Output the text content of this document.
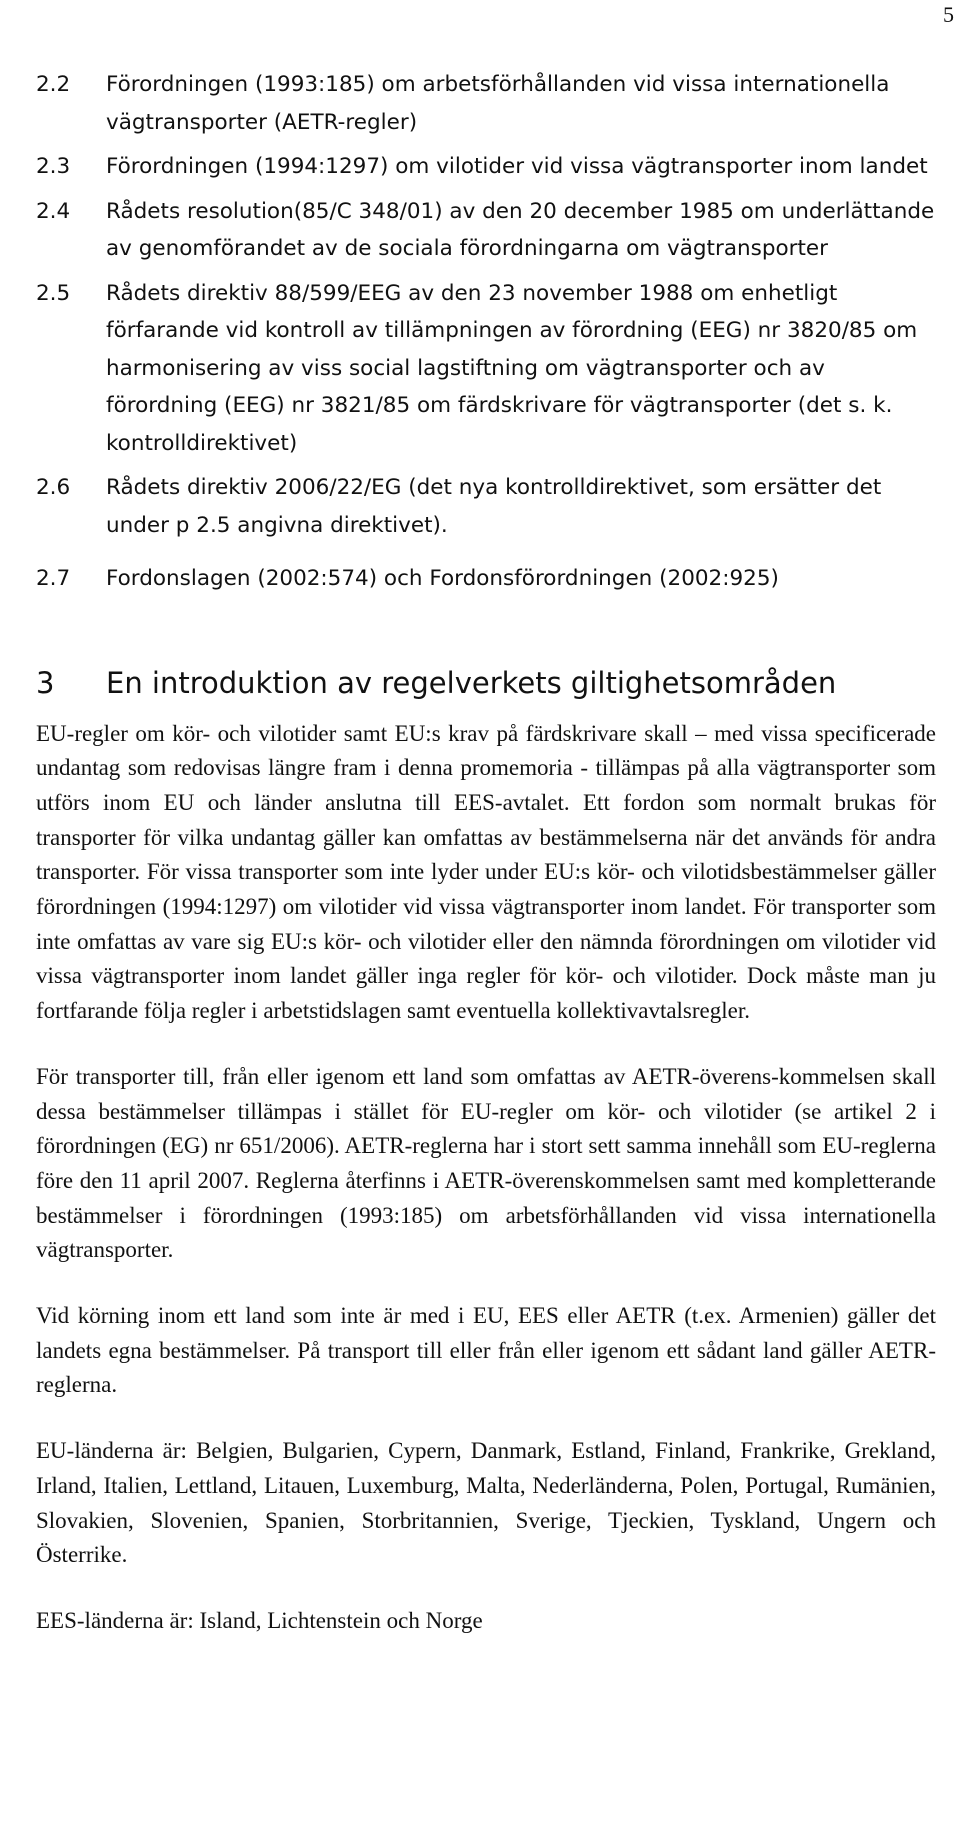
5
2.2	Förordningen (1993:185) om arbetsförhållanden vid vissa internationella vägtransporter (AETR-regler)
2.3	Förordningen (1994:1297) om vilotider vid vissa vägtransporter inom landet
2.4	Rådets resolution(85/C 348/01) av den 20 december 1985 om underlättande av genomförandet av de sociala förordningarna om vägtransporter
2.5	Rådets direktiv 88/599/EEG av den 23 november 1988 om enhetligt förfarande vid kontroll av tillämpningen av förordning (EEG) nr 3820/85 om harmonisering av viss social lagstiftning om vägtransporter och av förordning (EEG) nr 3821/85 om färdskrivare för vägtransporter (det s. k. kontrolldirektivet)
2.6	Rådets direktiv 2006/22/EG (det nya kontrolldirektivet, som ersätter det under p 2.5 angivna direktivet).
2.7	Fordonslagen (2002:574) och Fordonsförordningen (2002:925)
3	En introduktion av regelverkets giltighetsområden

EU-regler om kör- och vilotider samt EU:s krav på färdskrivare skall – med vissa specificerade undantag som redovisas längre fram i denna promemoria - tillämpas på alla vägtransporter som utförs inom EU och länder anslutna till EES-avtalet. Ett fordon som normalt brukas för transporter för vilka undantag gäller kan omfattas av bestämmelserna när det används för andra transporter. För vissa transporter som inte lyder under EU:s kör- och vilotidsbestämmelser gäller förordningen (1994:1297) om vilotider vid vissa vägtransporter inom landet. För transporter som inte omfattas av vare sig EU:s kör- och vilotider eller den nämnda förordningen om vilotider vid vissa vägtransporter inom landet gäller inga regler för kör- och vilotider. Dock måste man ju fortfarande följa regler i arbetstidslagen samt eventuella kollektivavtalsregler.

För transporter till, från eller igenom ett land som omfattas av AETR-överens-kommelsen skall dessa bestämmelser tillämpas i stället för EU-regler om kör- och vilotider (se artikel 2 i förordningen (EG) nr 651/2006). AETR-reglerna har i stort sett samma innehåll som EU-reglerna före den 11 april 2007. Reglerna återfinns i AETR-överenskommelsen samt med kompletterande bestämmelser i förordningen (1993:185) om arbetsförhållanden vid vissa internationella vägtransporter.

Vid körning inom ett land som inte är med i EU, EES eller AETR (t.ex. Armenien) gäller det landets egna bestämmelser. På transport till eller från eller igenom ett sådant land gäller AETR-reglerna.

EU-länderna är: Belgien, Bulgarien, Cypern, Danmark, Estland, Finland, Frankrike, Grekland, Irland, Italien, Lettland, Litauen, Luxemburg, Malta, Nederländerna, Polen, Portugal, Rumänien, Slovakien, Slovenien, Spanien, Storbritannien, Sverige, Tjeckien, Tyskland, Ungern och Österrike.

EES-länderna är: Island, Lichtenstein och Norge
